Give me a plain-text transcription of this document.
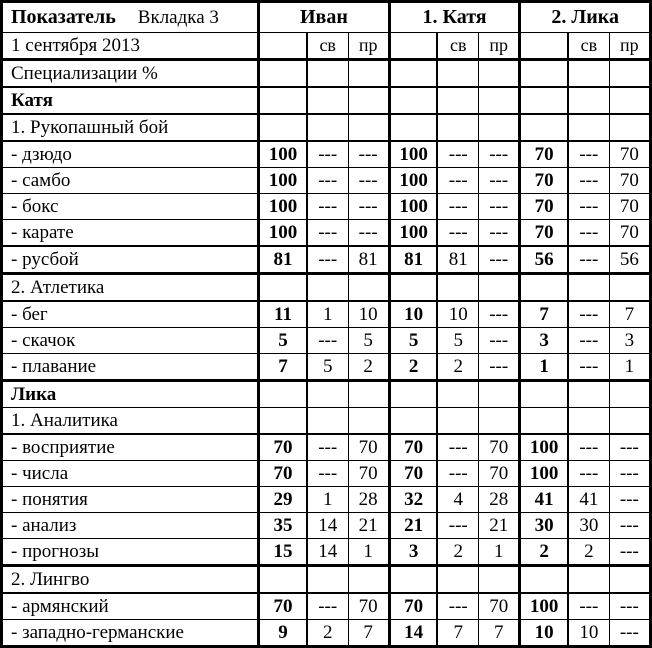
Показатель Вкладка 3	Иван			1. Катя			2. Лика		
1 сентября 2013		св	пр		св	пр		св	пр
Специализации %									
Катя									
1. Рукопашный бой									
- дзюдо	100	---	---	100	---	---	70	---	70
- самбо	100	---	---	100	---	---	70	---	70
- бокс	100	---	---	100	---	---	70	---	70
- карате	100	---	---	100	---	---	70	---	70
- русбой	81	---	81	81	81	---	56	---	56
2. Атлетика									
- бег	11	1	10	10	10	---	7	---	7
- скачок	5	---	5	5	5	---	3	---	3
- плавание	7	5	2	2	2	---	1	---	1
Лика									
1. Аналитика									
- восприятие	70	---	70	70	---	70	100	---	---
- числа	70	---	70	70	---	70	100	---	---
- понятия	29	1	28	32	4	28	41	41	---
- анализ	35	14	21	21	---	21	30	30	---
- прогнозы	15	14	1	3	2	1	2	2	---
2. Лингво									
- армянский	70	---	70	70	---	70	100	---	---
- западно-германские	9	2	7	14	7	7	10	10	---
